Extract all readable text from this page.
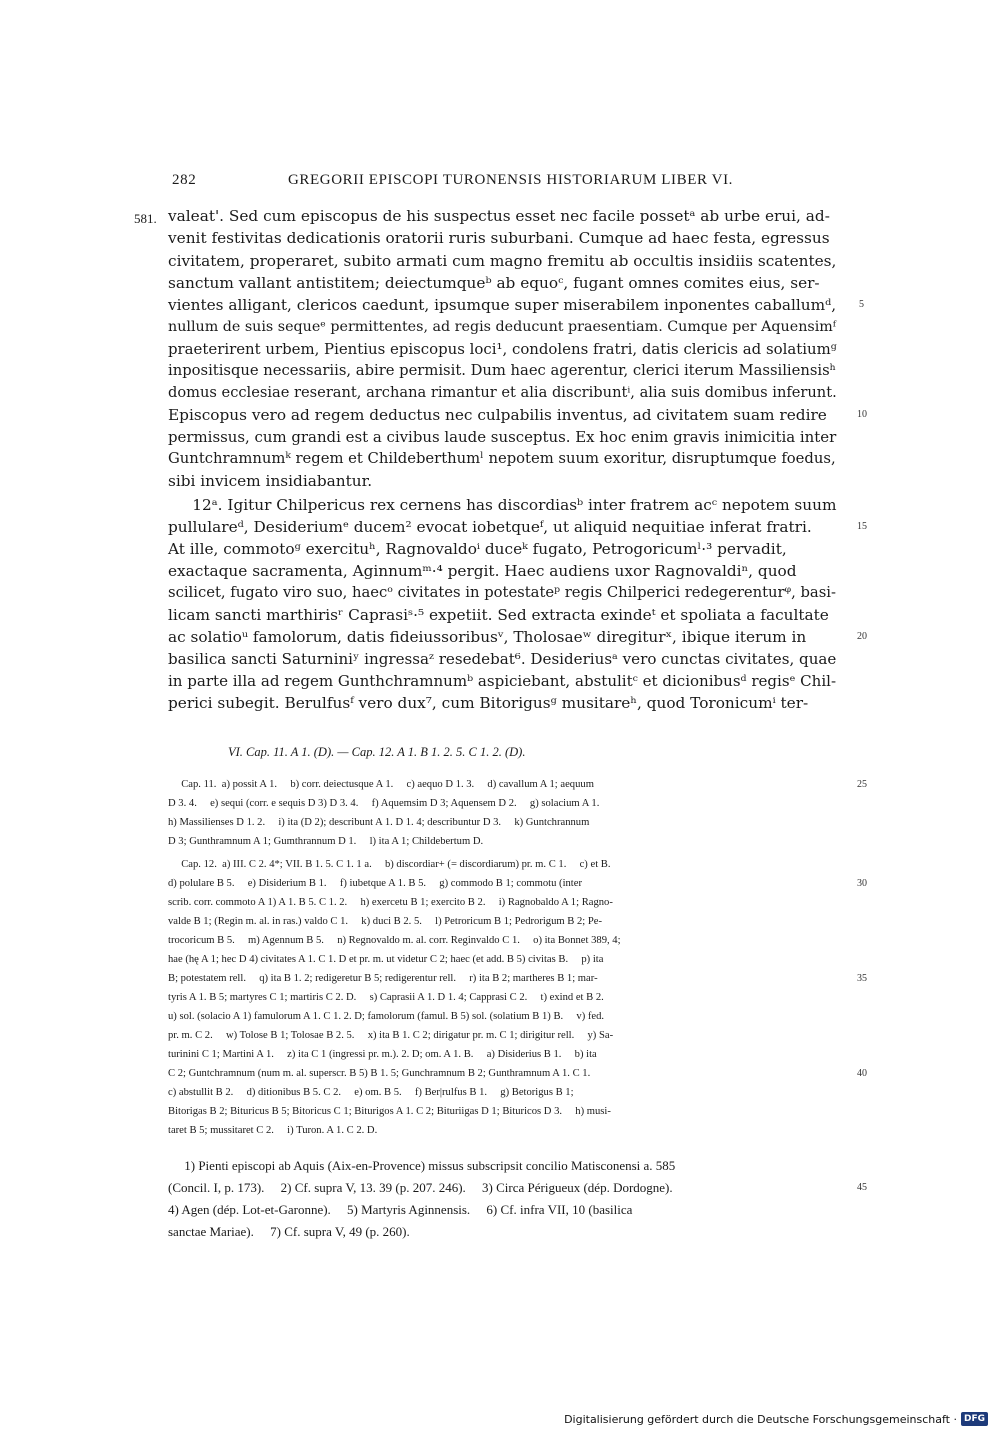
282	GREGORII EPISCOPI TURONENSIS HISTORIARUM LIBER VI.
581. valeat'. Sed cum episcopus de his suspectus esset nec facile possetᵃ ab urbe erui, ad-
venit festivitas dedicationis oratorii ruris suburbani. Cumque ad haec festa, egressus
civitatem, properaret, subito armati cum magno fremitu ab occultis insidiis scatentes,
sanctum vallant antistitem; deiectumqueᵇ ab equoᶜ, fugant omnes comites eius, ser-
vientes alligant, clericos caedunt, ipsumque super miserabilem inponentes caballumᵈ,
nullum de suis sequeᵉ permittentes, ad regis deducunt praesentiam. Cumque per Aquensimᶠ
praeterirent urbem, Pientius episcopus loci¹, condolens fratri, datis clericis ad solatiumᵍ
inpositisque necessariis, abire permisit. Dum haec agerentur, clerici iterum Massiliensisʰ
domus ecclesiae reserant, archana rimantur et alia discribuntⁱ, alia suis domibus inferunt.
Episcopus vero ad regem deductus nec culpabilis inventus, ad civitatem suam redire
permissus, cum grandi est a civibus laude susceptus. Ex hoc enim gravis inimicitia inter
Guntchramnumᵏ regem et Childeberthumˡ nepotem suum exoritur, disruptumque foedus,
sibi invicem insidiabantur.
12ᵃ. Igitur Chilpericus rex cernens has discordiasᵇ inter fratrem acᶜ nepotem suum
pullulareᵈ, Desideriumᵉ ducem² evocat iobetqueᶠ, ut aliquid nequitiae inferat fratri.
At ille, commotoᵍ exercituʰ, Ragnovaldoⁱ duceᵏ fugato, Petrogoricumˡ·³ pervadit,
exactaque sacramenta, Aginnumᵐ·⁴ pergit. Haec audiens uxor Ragnovaldiⁿ, quod
scilicet, fugato viro suo, haecᵒ civitates in potestateᵖ regis Chilperici redegerenturᵠ, basi-
licam sancti marthirisʳ Caprasiˢ·⁵ expetiit. Sed extracta exindeᵗ et spoliata a facultate
ac solatioᵘ famolorum, datis fideiussoribusᵛ, Tholosaeʷ diregiturˣ, ibique iterum in
basilica sancti Saturniniʸ ingressaᶻ resedebat⁶. Desideriusᵃ vero cunctas civitates, quae
in parte illa ad regem Gunthchramnumᵇ aspiciebant, abstulitᶜ et dicionibusᵈ regisᵉ Chil-
perici subegit. Berulfusᶠ vero dux⁷, cum Bitorigusᵍ musitareʰ, quod Toronicumⁱ ter-
VI. Cap. 11. A 1. (D). — Cap. 12. A 1. B 1. 2. 5. C 1. 2. (D).
Cap. 11.  a) possit A 1.     b) corr. deiectusque A 1.     c) aequo D 1. 3.     d) cavallum A 1; aequum
D 3. 4.     e) sequi (corr. e sequis D 3) D 3. 4.     f) Aquemsim D 3; Aquensem D 2.     g) solacium A 1.
h) Massilienses D 1. 2.     i) ita (D 2); describunt A 1. D 1. 4; describuntur D 3.     k) Guntchrannum
D 3; Gunthramnum A 1; Gumthrannum D 1.     l) ita A 1; Childebertum D.
Cap. 12.  a) III. C 2. 4*; VII. B 1. 5. C 1. 1 a.     b) discordiar+ (= discordiarum) pr. m. C 1.     c) et B.
d) polulare B 5.     e) Disiderium B 1.     f) iubetque A 1. B 5.     g) commodo B 1; commotu (inter
scrib. corr. commoto A 1) A 1. B 5. C 1. 2.     h) exercetu B 1; exercito B 2.     i) Ragnobaldo A 1; Ragno-
valde B 1; (Regin m. al. in ras.) valdo C 1.     k) duci B 2. 5.     l) Petroricum B 1; Pedrorigum B 2; Pe-
trocoricum B 5.     m) Agennum B 5.     n) Regnovaldo m. al. corr. Reginvaldo C 1.     o) ita Bonnet 389, 4;
hae (hę A 1; hec D 4) civitates A 1. C 1. D et pr. m. ut videtur C 2; haec (et add. B 5) civitas B.     p) ita
B; potestatem rell.     q) ita B 1. 2; redigeretur B 5; redigerentur rell.     r) ita B 2; martheres B 1; mar-
tyris A 1. B 5; martyres C 1; martiris C 2. D.     s) Caprasii A 1. D 1. 4; Capprasi C 2.     t) exind et B 2.
u) sol. (solacio A 1) famulorum A 1. C 1. 2. D; famolorum (famul. B 5) sol. (solatium B 1) B.     v) fed.
pr. m. C 2.     w) Tolose B 1; Tolosae B 2. 5.     x) ita B 1. C 2; dirigatur pr. m. C 1; dirigitur rell.     y) Sa-
turinini C 1; Martini A 1.     z) ita C 1 (ingressi pr. m.). 2. D; om. A 1. B.     a) Disiderius B 1.     b) ita
C 2; Guntchramnum (num m. al. superscr. B 5) B 1. 5; Gunchramnum B 2; Gunthramnum A 1. C 1.
c) abstullit B 2.     d) ditionibus B 5. C 2.     e) om. B 5.     f) Ber|rulfus B 1.     g) Betorigus B 1;
Bitorigas B 2; Bituricus B 5; Bitoricus C 1; Biturigos A 1. C 2; Bituriigas D 1; Bituricos D 3.     h) musi-
taret B 5; mussitaret C 2.     i) Turon. A 1. C 2. D.
1) Pienti episcopi ab Aquis (Aix-en-Provence) missus subscripsit concilio Matisconensi a. 585
(Concil. I, p. 173).     2) Cf. supra V, 13. 39 (p. 207. 246).     3) Circa Périgueux (dép. Dordogne).
4) Agen (dép. Lot-et-Garonne).     5) Martyris Aginnensis.     6) Cf. infra VII, 10 (basilica
sanctae Mariae).     7) Cf. supra V, 49 (p. 260).
5
10
15
20
25
30
35
40
45
Digitalisierung gefördert durch die Deutsche Forschungsgemeinschaft · DFG
